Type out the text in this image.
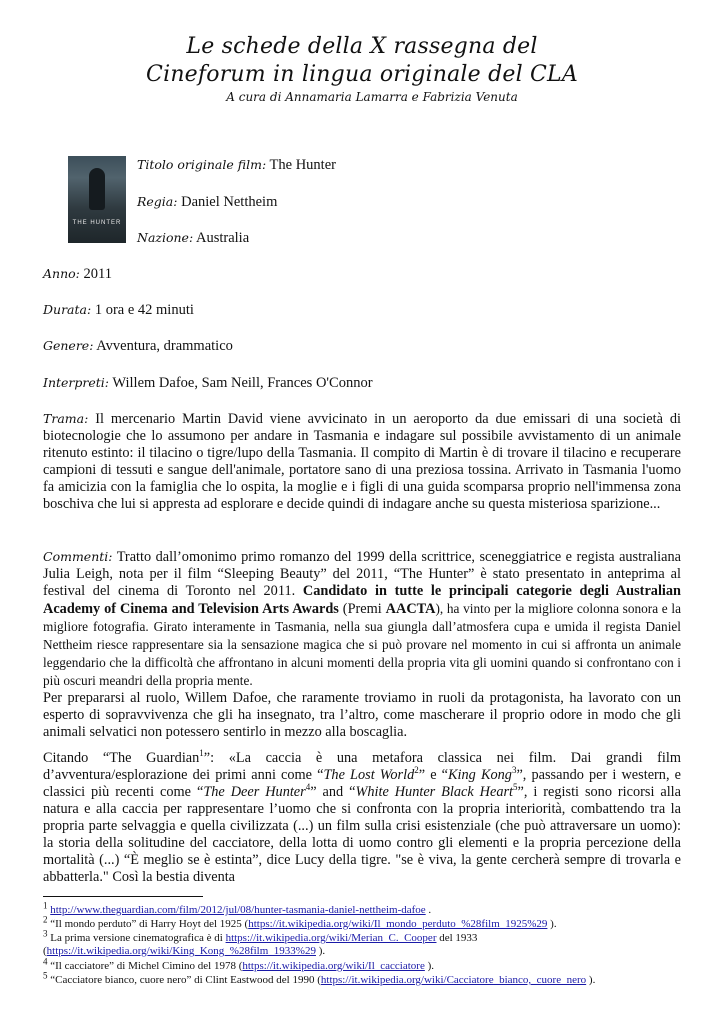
Le schede della X rassegna del
Cineforum in lingua originale del CLA
A cura di Annamaria Lamarra e Fabrizia Venuta
THE HUNTER
Titolo originale film: The Hunter
Regia: Daniel Nettheim
Nazione: Australia
Anno: 2011
Durata: 1 ora e 42 minuti
Genere: Avventura, drammatico
Interpreti: Willem Dafoe, Sam Neill, Frances O'Connor
Trama: Il mercenario Martin David viene avvicinato in un aeroporto da due emissari di una società di biotecnologie che lo assumono per andare in Tasmania e indagare sul possibile avvistamento di un animale ritenuto estinto: il tilacino o tigre/lupo della Tasmania. Il compito di Martin è di trovare il tilacino e recuperare campioni di tessuti e sangue dell'animale, portatore sano di una preziosa tossina. Arrivato in Tasmania l'uomo fa amicizia con la famiglia che lo ospita, la moglie e i figli di una guida scomparsa proprio nell'immensa zona boschiva che lui si appresta ad esplorare e decide quindi di indagare anche su questa misteriosa sparizione...
Commenti: Tratto dall’omonimo primo romanzo del 1999 della scrittrice, sceneggiatrice e regista australiana Julia Leigh, nota per il film “Sleeping Beauty” del 2011, “The Hunter” è stato presentato in anteprima al festival del cinema di Toronto nel 2011. Candidato in tutte le principali categorie degli Australian Academy of Cinema and Television Arts Awards (Premi AACTA), ha vinto per la migliore colonna sonora e la migliore fotografia. Girato interamente in Tasmania, nella sua giungla dall’atmosfera cupa e umida il regista Daniel Nettheim riesce rappresentare sia la sensazione magica che si può provare nel momento in cui si affronta un animale leggendario che la difficoltà che affrontano in alcuni momenti della propria vita gli uomini quando si confrontano con i più oscuri meandri della propria mente.
Per prepararsi al ruolo, Willem Dafoe, che raramente troviamo in ruoli da protagonista, ha lavorato con un esperto di sopravvivenza che gli ha insegnato, tra l’altro, come mascherare il proprio odore in modo che gli animali selvatici non potessero sentirlo in mezzo alla boscaglia.
Citando “The Guardian$^1$”: «La caccia è una metafora classica nei film. Dai grandi film d’avventura/esplorazione dei primi anni come “The Lost World$^2$” e “King Kong$^3$”, passando per i western, e classici più recenti come “The Deer Hunter$^4$” and “White Hunter Black Heart$^5$”, i registi sono ricorsi alla natura e alla caccia per rappresentare l’uomo che si confronta con la propria interiorità, combattendo tra la propria parte selvaggia e quella civilizzata (...) un film sulla crisi esistenziale (che può attraversare un uomo): la storia della solitudine del cacciatore, della lotta di uomo contro gli elementi e la propria percezione della mortalità (...) “È meglio se è estinta”, dice Lucy della tigre. "se è viva, la gente cercherà sempre di trovarla e abbatterla." Così la bestia diventa
$^1$ http://www.theguardian.com/film/2012/jul/08/hunter-tasmania-daniel-nettheim-dafoe .
$^2$ “Il mondo perduto” di Harry Hoyt del 1925 (https://it.wikipedia.org/wiki/Il_mondo_perduto_%28film_1925%29 ).
$^3$ La prima versione cinematografica è di https://it.wikipedia.org/wiki/Merian_C._Cooper del 1933
(https://it.wikipedia.org/wiki/King_Kong_%28film_1933%29 ).
$^4$ “Il cacciatore” di Michel Cimino del 1978 (https://it.wikipedia.org/wiki/Il_cacciatore ).
$^5$ “Cacciatore bianco, cuore nero” di Clint Eastwood del 1990 (https://it.wikipedia.org/wiki/Cacciatore_bianco,_cuore_nero ).
